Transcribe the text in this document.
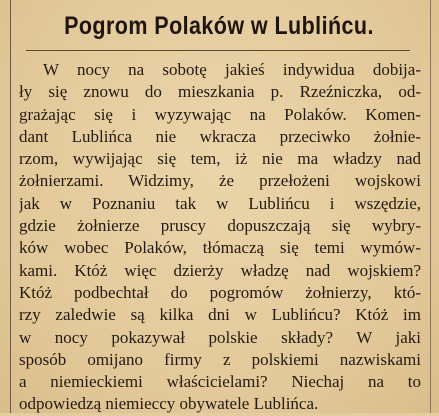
Pogrom Polaków w Lublińcu.
W nocy na sobotę jakieś indywidua dobija-
ły się znowu do mieszkania p. Rzeźniczka, od-
grażając się i wyzywając na Polaków. Komen-
dant Lublińca nie wkracza przeciwko żołnie-
rzom, wywijając się tem, iż nie ma władzy nad
żołnierzami. Widzimy, że przełożeni wojskowi
jak w Poznaniu tak w Lublińcu i wszędzie,
gdzie żołnierze pruscy dopuszczają się wybry-
ków wobec Polaków, tłómaczą się temi wymów-
kami. Któż więc dzierży władzę nad wojskiem?
Któż podbechtał do pogromów żołnierzy, któ-
rzy zaledwie są kilka dni w Lublińcu? Któż im
w nocy pokazywał polskie składy? W jaki
sposób omijano firmy z polskiemi nazwiskami
a niemieckiemi właścicielami? Niechaj na to
odpowiedzą niemieccy obywatele Lublińca.
